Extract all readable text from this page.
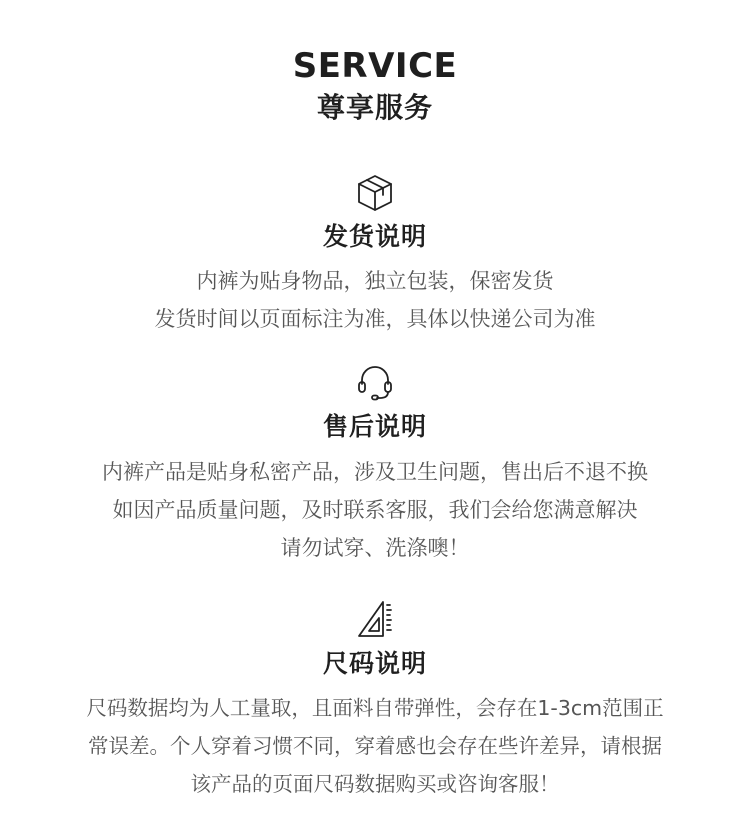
SERVICE
尊享服务
发货说明

内裤为贴身物品，独立包装，保密发货

发货时间以页面标注为准，具体以快递公司为准

售后说明

内裤产品是贴身私密产品，涉及卫生问题，售出后不退不换

如因产品质量问题，及时联系客服，我们会给您满意解决

请勿试穿、洗涤噢！

尺码说明

尺码数据均为人工量取，且面料自带弹性，会存在1-3cm范围正

常误差。个人穿着习惯不同，穿着感也会存在些许差异，请根据

该产品的页面尺码数据购买或咨询客服！
